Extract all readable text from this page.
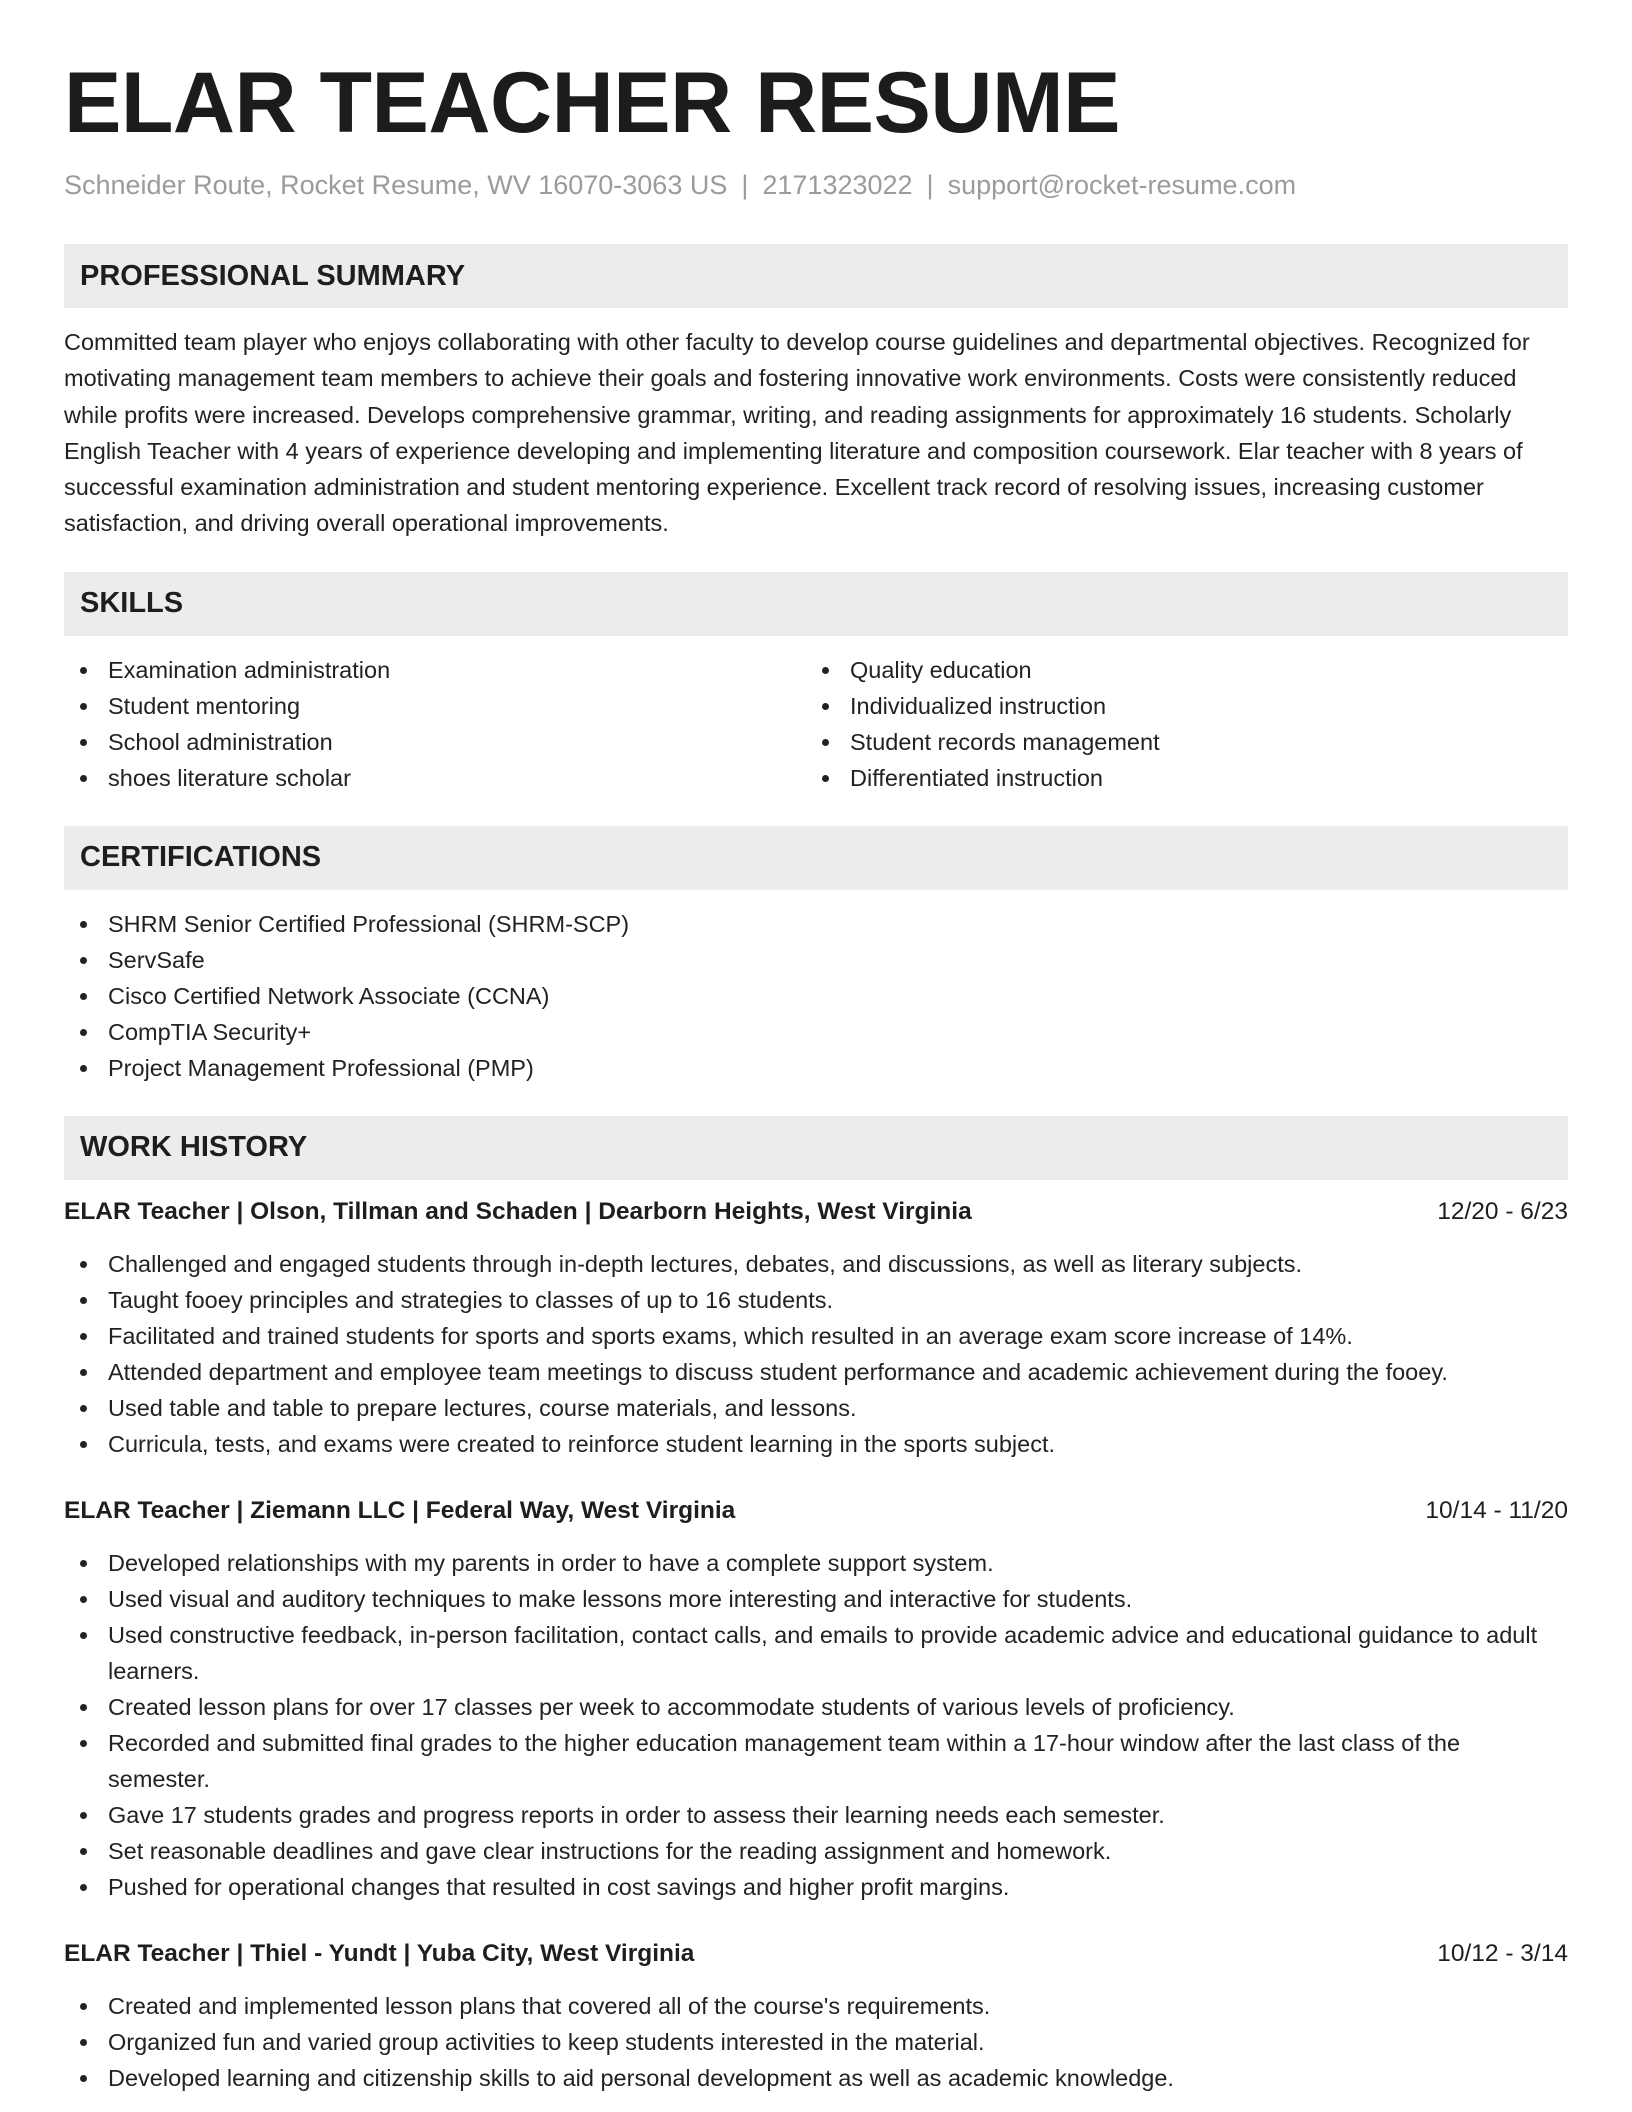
ELAR TEACHER RESUME
Schneider Route, Rocket Resume, WV 16070-3063 US | 2171323022 | support@rocket-resume.com
PROFESSIONAL SUMMARY

Committed team player who enjoys collaborating with other faculty to develop course guidelines and departmental objectives. Recognized for motivating management team members to achieve their goals and fostering innovative work environments. Costs were consistently reduced while profits were increased. Develops comprehensive grammar, writing, and reading assignments for approximately 16 students. Scholarly English Teacher with 4 years of experience developing and implementing literature and composition coursework. Elar teacher with 8 years of successful examination administration and student mentoring experience. Excellent track record of resolving issues, increasing customer satisfaction, and driving overall operational improvements.

SKILLS
Examination administration
Student mentoring
School administration
shoes literature scholar
Quality education
Individualized instruction
Student records management
Differentiated instruction
CERTIFICATIONS
SHRM Senior Certified Professional (SHRM-SCP)
ServSafe
Cisco Certified Network Associate (CCNA)
CompTIA Security+
Project Management Professional (PMP)
WORK HISTORY
ELAR Teacher | Olson, Tillman and Schaden | Dearborn Heights, West Virginia	12/20 - 6/23
Challenged and engaged students through in-depth lectures, debates, and discussions, as well as literary subjects.
Taught fooey principles and strategies to classes of up to 16 students.
Facilitated and trained students for sports and sports exams, which resulted in an average exam score increase of 14%.
Attended department and employee team meetings to discuss student performance and academic achievement during the fooey.
Used table and table to prepare lectures, course materials, and lessons.
Curricula, tests, and exams were created to reinforce student learning in the sports subject.
ELAR Teacher | Ziemann LLC | Federal Way, West Virginia	10/14 - 11/20
Developed relationships with my parents in order to have a complete support system.
Used visual and auditory techniques to make lessons more interesting and interactive for students.
Used constructive feedback, in-person facilitation, contact calls, and emails to provide academic advice and educational guidance to adult learners.
Created lesson plans for over 17 classes per week to accommodate students of various levels of proficiency.
Recorded and submitted final grades to the higher education management team within a 17-hour window after the last class of the semester.
Gave 17 students grades and progress reports in order to assess their learning needs each semester.
Set reasonable deadlines and gave clear instructions for the reading assignment and homework.
Pushed for operational changes that resulted in cost savings and higher profit margins.
ELAR Teacher | Thiel - Yundt | Yuba City, West Virginia	10/12 - 3/14
Created and implemented lesson plans that covered all of the course's requirements.
Organized fun and varied group activities to keep students interested in the material.
Developed learning and citizenship skills to aid personal development as well as academic knowledge.
